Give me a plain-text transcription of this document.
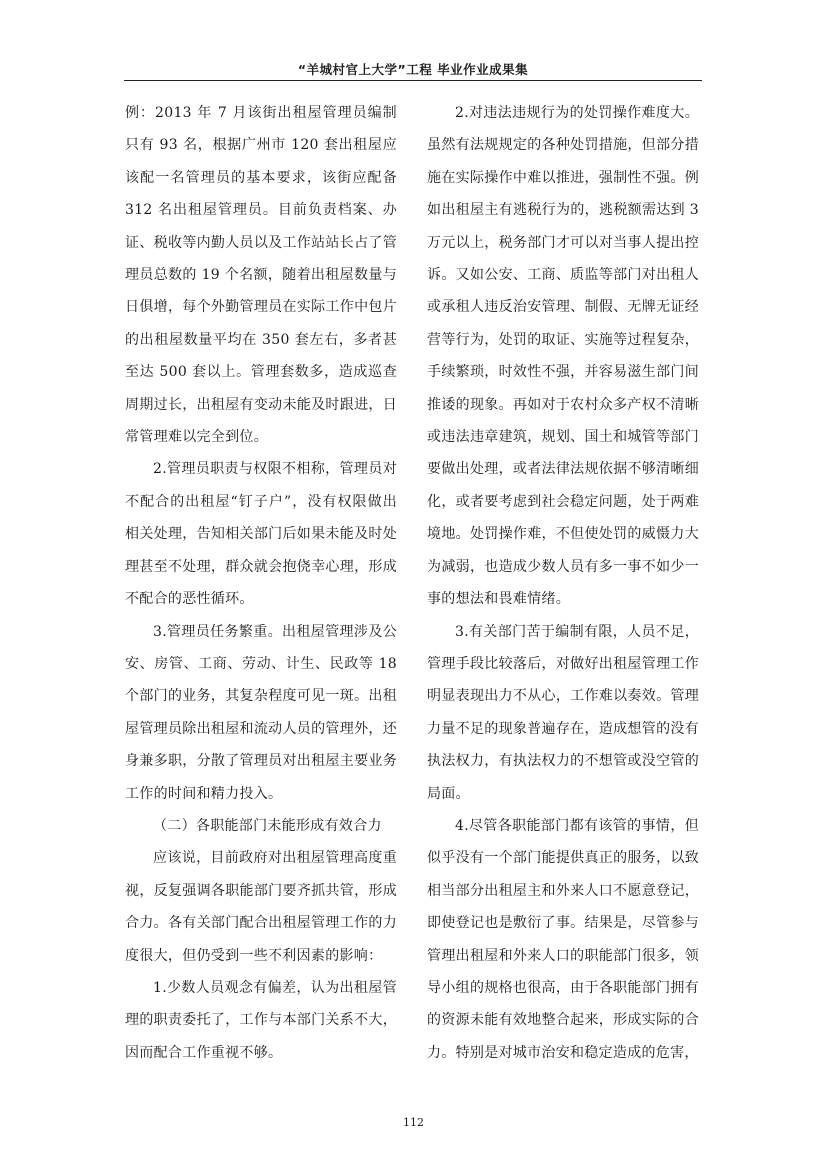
“羊城村官上大学”工程 毕业作业成果集

例：2013 年 7 月该街出租屋管理员编制只有 93 名，根据广州市 120 套出租屋应该配一名管理员的基本要求，该街应配备 312 名出租屋管理员。目前负责档案、办证、税收等内勤人员以及工作站站长占了管理员总数的 19 个名额，随着出租屋数量与日俱增，每个外勤管理员在实际工作中包片的出租屋数量平均在 350 套左右，多者甚至达 500 套以上。管理套数多，造成巡查周期过长，出租屋有变动未能及时跟进，日常管理难以完全到位。

2.管理员职责与权限不相称，管理员对不配合的出租屋“钉子户”，没有权限做出相关处理，告知相关部门后如果未能及时处理甚至不处理，群众就会抱侥幸心理，形成不配合的恶性循环。

3.管理员任务繁重。出租屋管理涉及公安、房管、工商、劳动、计生、民政等 18 个部门的业务，其复杂程度可见一斑。出租屋管理员除出租屋和流动人员的管理外，还身兼多职，分散了管理员对出租屋主要业务工作的时间和精力投入。

（二）各职能部门未能形成有效合力

应该说，目前政府对出租屋管理高度重视，反复强调各职能部门要齐抓共管，形成合力。各有关部门配合出租屋管理工作的力度很大，但仍受到一些不利因素的影响：

1.少数人员观念有偏差，认为出租屋管理的职责委托了，工作与本部门关系不大，因而配合工作重视不够。

2.对违法违规行为的处罚操作难度大。虽然有法规规定的各种处罚措施，但部分措施在实际操作中难以推进，强制性不强。例如出租屋主有逃税行为的，逃税额需达到 3 万元以上，税务部门才可以对当事人提出控诉。又如公安、工商、质监等部门对出租人或承租人违反治安管理、制假、无牌无证经营等行为，处罚的取证、实施等过程复杂，手续繁琐，时效性不强，并容易滋生部门间推诿的现象。再如对于农村众多产权不清晰或违法违章建筑，规划、国土和城管等部门要做出处理，或者法律法规依据不够清晰细化，或者要考虑到社会稳定问题，处于两难境地。处罚操作难，不但使处罚的威慑力大为减弱，也造成少数人员有多一事不如少一事的想法和畏难情绪。

3.有关部门苦于编制有限，人员不足，管理手段比较落后，对做好出租屋管理工作明显表现出力不从心，工作难以奏效。管理力量不足的现象普遍存在，造成想管的没有执法权力，有执法权力的不想管或没空管的局面。

4.尽管各职能部门都有该管的事情，但似乎没有一个部门能提供真正的服务，以致相当部分出租屋主和外来人口不愿意登记，即使登记也是敷衍了事。结果是，尽管参与管理出租屋和外来人口的职能部门很多，领导小组的规格也很高，由于各职能部门拥有的资源未能有效地整合起来，形成实际的合力。特别是对城市治安和稳定造成的危害，

112
